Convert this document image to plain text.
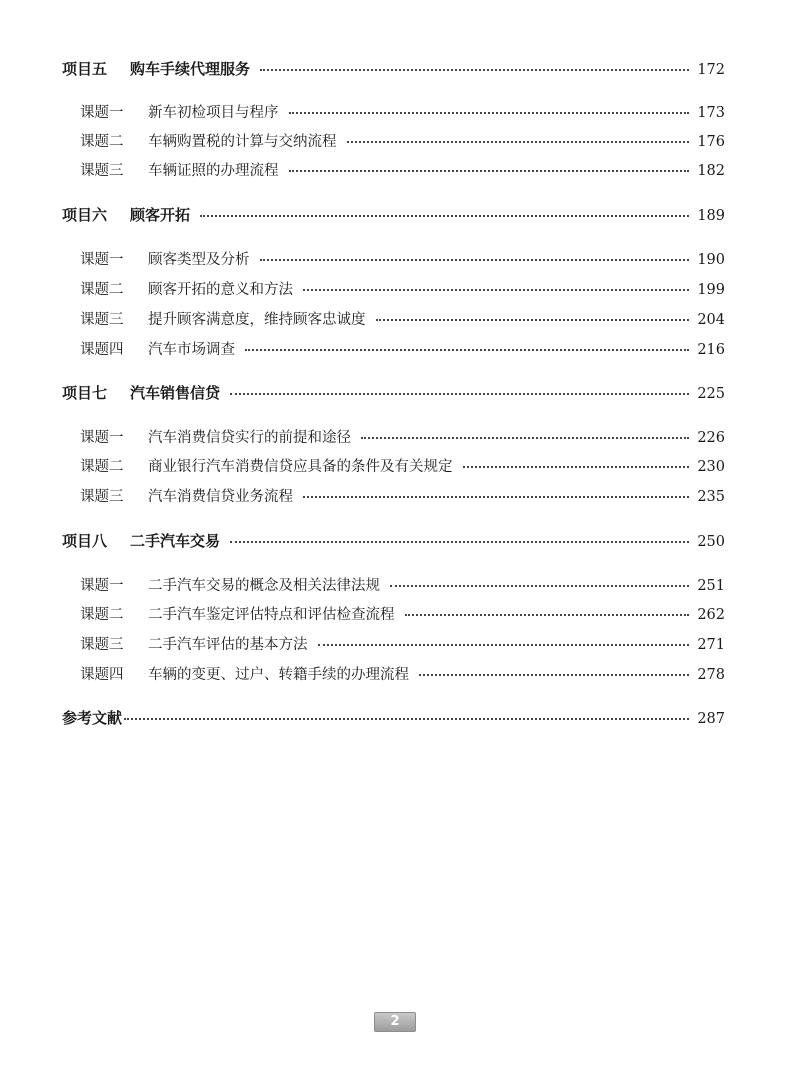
项目五 购车手续代理服务	172
课题一 新车初检项目与程序	173
课题二 车辆购置税的计算与交纳流程	176
课题三 车辆证照的办理流程	182
项目六 顾客开拓	189
课题一 顾客类型及分析	190
课题二 顾客开拓的意义和方法	199
课题三 提升顾客满意度，维持顾客忠诚度	204
课题四 汽车市场调查	216
项目七 汽车销售信贷	225
课题一 汽车消费信贷实行的前提和途径	226
课题二 商业银行汽车消费信贷应具备的条件及有关规定	230
课题三 汽车消费信贷业务流程	235
项目八 二手汽车交易	250
课题一 二手汽车交易的概念及相关法律法规	251
课题二 二手汽车鉴定评估特点和评估检查流程	262
课题三 二手汽车评估的基本方法	271
课题四 车辆的变更、过户、转籍手续的办理流程	278
参考文献	287
2
